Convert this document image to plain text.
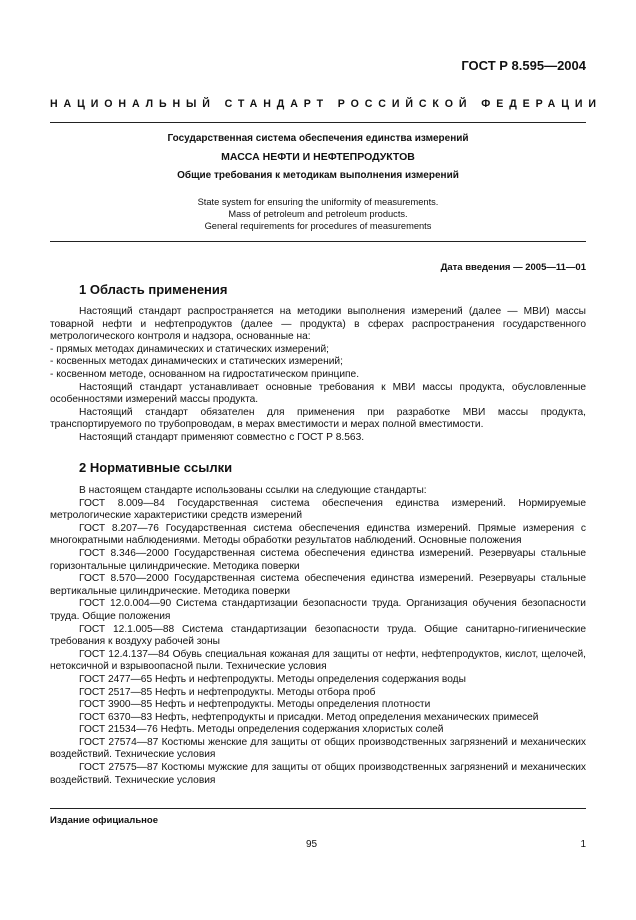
ГОСТ Р 8.595—2004
НАЦИОНАЛЬНЫЙ СТАНДАРТ РОССИЙСКОЙ ФЕДЕРАЦИИ
Государственная система обеспечения единства измерений
МАССА НЕФТИ И НЕФТЕПРОДУКТОВ
Общие требования к методикам выполнения измерений
State system for ensuring the uniformity of measurements.
Mass of petroleum and petroleum products.
General requirements for procedures of measurements
Дата введения — 2005—11—01
1 Область применения

Настоящий стандарт распространяется на методики выполнения измерений (далее — МВИ) массы товарной нефти и нефтепродуктов (далее — продукта) в сферах распространения государственного метрологического контроля и надзора, основанные на:

- прямых методах динамических и статических измерений;

- косвенных методах динамических и статических измерений;

- косвенном методе, основанном на гидростатическом принципе.

Настоящий стандарт устанавливает основные требования к МВИ массы продукта, обусловленные особенностями измерений массы продукта.

Настоящий стандарт обязателен для применения при разработке МВИ массы продукта, транспортируемого по трубопроводам, в мерах вместимости и мерах полной вместимости.

Настоящий стандарт применяют совместно с ГОСТ Р 8.563.

2 Нормативные ссылки

В настоящем стандарте использованы ссылки на следующие стандарты:

ГОСТ 8.009—84 Государственная система обеспечения единства измерений. Нормируемые метрологические характеристики средств измерений

ГОСТ 8.207—76 Государственная система обеспечения единства измерений. Прямые измерения с многократными наблюдениями. Методы обработки результатов наблюдений. Основные положения

ГОСТ 8.346—2000 Государственная система обеспечения единства измерений. Резервуары стальные горизонтальные цилиндрические. Методика поверки

ГОСТ 8.570—2000 Государственная система обеспечения единства измерений. Резервуары стальные вертикальные цилиндрические. Методика поверки

ГОСТ 12.0.004—90 Система стандартизации безопасности труда. Организация обучения безопасности труда. Общие положения

ГОСТ 12.1.005—88 Система стандартизации безопасности труда. Общие санитарно-гигиенические требования к воздуху рабочей зоны

ГОСТ 12.4.137—84 Обувь специальная кожаная для защиты от нефти, нефтепродуктов, кислот, щелочей, нетоксичной и взрывоопасной пыли. Технические условия

ГОСТ 2477—65 Нефть и нефтепродукты. Методы определения содержания воды

ГОСТ 2517—85 Нефть и нефтепродукты. Методы отбора проб

ГОСТ 3900—85 Нефть и нефтепродукты. Методы определения плотности

ГОСТ 6370—83 Нефть, нефтепродукты и присадки. Метод определения механических примесей

ГОСТ 21534—76 Нефть. Методы определения содержания хлористых солей

ГОСТ 27574—87 Костюмы женские для защиты от общих производственных загрязнений и механических воздействий. Технические условия

ГОСТ 27575—87 Костюмы мужские для защиты от общих производственных загрязнений и механических воздействий. Технические условия

Издание официальное
95	1
